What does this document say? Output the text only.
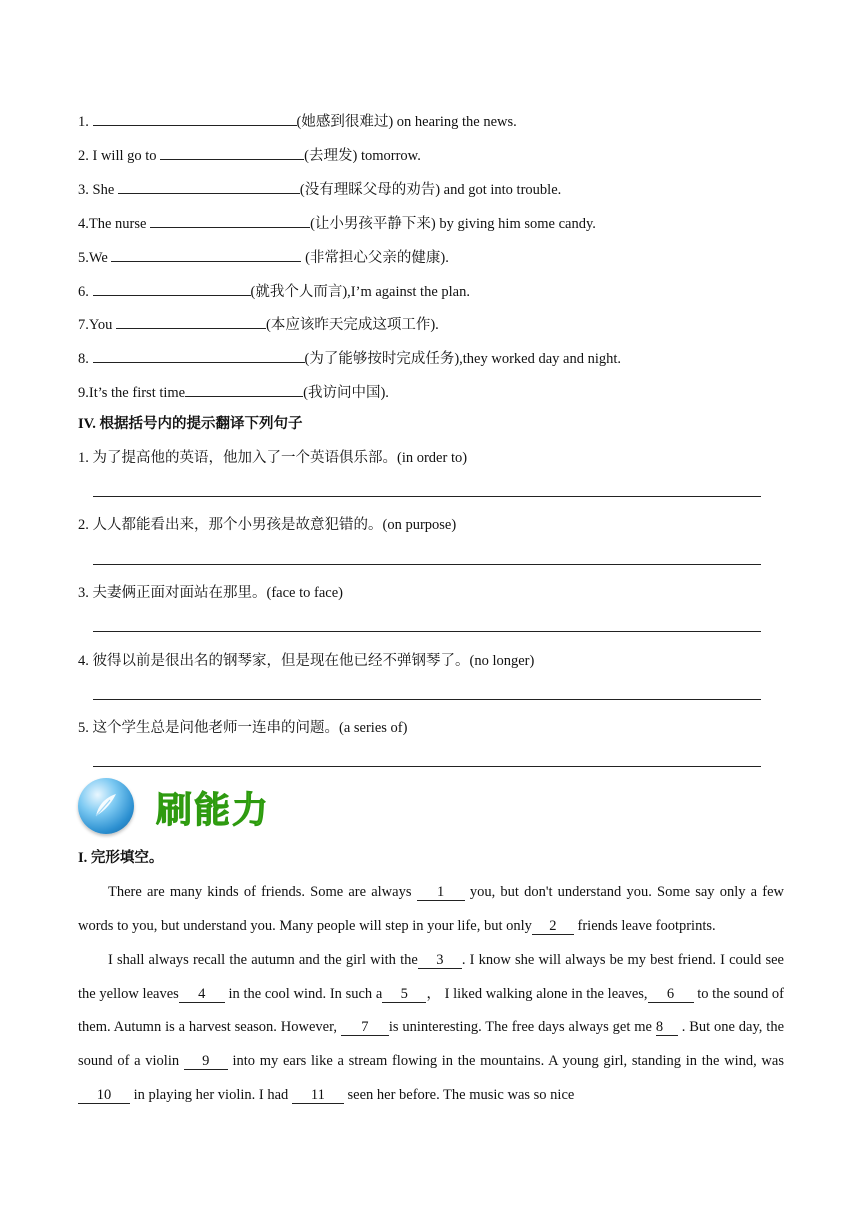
1.	(她感到很难过) on hearing the news.
2. I will go to	(去理发) tomorrow.
3. She	(没有理睬父母的劝告) and got into trouble.
4.The nurse	(让小男孩平静下来) by giving him some candy.
5.We	(非常担心父亲的健康).
6.	(就我个人而言),I’m against the plan.
7.You	(本应该昨天完成这项工作).
8.	(为了能够按时完成任务),they worked day and night.
9.It’s the first time	(我访问中国).
IV. 根据括号内的提示翻译下列句子
1. 为了提高他的英语，他加入了一个英语俱乐部。(in order to)
2. 人人都能看出来，那个小男孩是故意犯错的。(on purpose)
3. 夫妻俩正面对面站在那里。(face to face)
4. 彼得以前是很出名的钢琴家，但是现在他已经不弹钢琴了。(no longer)
5. 这个学生总是问他老师一连串的问题。(a series of)
刷能力
I. 完形填空。
There are many kinds of friends. Some are always 1 you, but don't understand you. Some say only a few words to you, but understand you. Many people will step in your life, but only 2 friends leave footprints.
I shall always recall the autumn and the girl with the 3 . I know she will always be my best friend. I could see the yellow leaves 4 in the cool wind. In such a 5 ， I liked walking alone in the leaves, 6 to the sound of them. Autumn is a harvest season. However, 7 is uninteresting. The free days always get me 8 . But one day, the sound of a violin 9 into my ears like a stream flowing in the mountains. A young girl, standing in the wind, was 10 in playing her violin. I had 11 seen her before. The music was so nice
